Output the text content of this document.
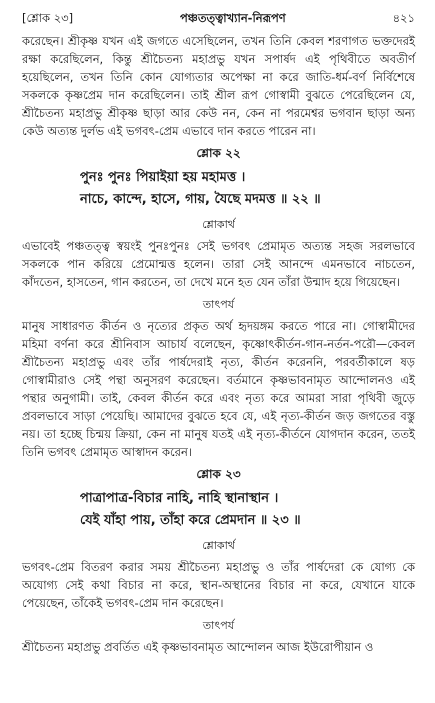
[শ্লোক ২৩]	পঞ্চতত্ত্বাখ্যান-নিরূপণ	৪২১

করেছেন। শ্রীকৃষ্ণ যখন এই জগতে এসেছিলেন, তখন তিনি কেবল শরণাগত ভক্তদেরই রক্ষা করেছিলেন, কিন্তু শ্রীচৈতন্য মহাপ্রভু যখন সপার্ষদ এই পৃথিবীতে অবতীর্ণ হয়েছিলেন, তখন তিনি কোন যোগ্যতার অপেক্ষা না করে জাতি-ধর্ম-বর্ণ নির্বিশেষে সকলকে কৃষ্ণপ্রেম দান করেছিলেন। তাই শ্রীল রূপ গোস্বামী বুঝতে পেরেছিলেন যে, শ্রীচৈতন্য মহাপ্রভু শ্রীকৃষ্ণ ছাড়া আর কেউ নন, কেন না পরমেশ্বর ভগবান ছাড়া অন্য কেউ অত্যন্ত দুর্লভ এই ভগবৎ-প্রেম এভাবে দান করতে পারেন না।

শ্লোক ২২

পুনঃ পুনঃ পিয়াইয়া হয় মহামত্ত ।

নাচে, কান্দে, হাসে, গায়, যৈছে মদমত্ত ॥ ২২ ॥

শ্লোকার্থ

এভাবেই পঞ্চতত্ত্ব স্বয়ংই পুনঃপুনঃ সেই ভগবৎ প্রেমামৃত অত্যন্ত সহজ সরলভাবে সকলকে পান করিয়ে প্রেমোন্মত্ত হলেন। তারা সেই আনন্দে এমনভাবে নাচতেন, কাঁদতেন, হাসতেন, গান করতেন, তা দেখে মনে হত যেন তাঁরা উন্মাদ হয়ে গিয়েছেন।

তাৎপর্য

মানুষ সাধারণত কীর্তন ও নৃত্যের প্রকৃত অর্থ হৃদয়ঙ্গম করতে পারে না। গোস্বামীদের মহিমা বর্ণনা করে শ্রীনিবাস আচার্য বলেছেন, কৃষ্ণোৎকীর্তন-গান-নর্তন-পরৌ—কেবল শ্রীচৈতন্য মহাপ্রভু এবং তাঁর পার্ষদেরাই নৃত্য, কীর্তন করেননি, পরবর্তীকালে ষড় গোস্বামীরাও সেই পন্থা অনুসরণ করেছেন। বর্তমানে কৃষ্ণভাবনামৃত আন্দোলনও এই পন্থার অনুগামী। তাই, কেবল কীর্তন করে এবং নৃত্য করে আমরা সারা পৃথিবী জুড়ে প্রবলভাবে সাড়া পেয়েছি। আমাদের বুঝতে হবে যে, এই নৃত্য-কীর্তন জড় জগতের বস্তু নয়। তা হচ্ছে চিন্ময় ক্রিয়া, কেন না মানুষ যতই এই নৃত্য-কীর্তনে যোগদান করেন, ততই তিনি ভগবৎ প্রেমামৃত আস্বাদন করেন।

শ্লোক ২৩

পাত্রাপাত্র-বিচার নাহি, নাহি স্থানাস্থান ।

যেই যাঁহা পায়, তাঁহা করে প্রেমদান ॥ ২৩ ॥

শ্লোকার্থ

ভগবৎ-প্রেম বিতরণ করার সময় শ্রীচৈতন্য মহাপ্রভু ও তাঁর পার্ষদেরা কে যোগ্য কে অযোগ্য সেই কথা বিচার না করে, স্থান-অস্থানের বিচার না করে, যেখানে যাকে পেয়েছেন, তাঁকেই ভগবৎ-প্রেম দান করেছেন।

তাৎপর্য

শ্রীচৈতন্য মহাপ্রভু প্রবর্তিত এই কৃষ্ণভাবনামৃত আন্দোলন আজ ইউরোপীয়ান ও
